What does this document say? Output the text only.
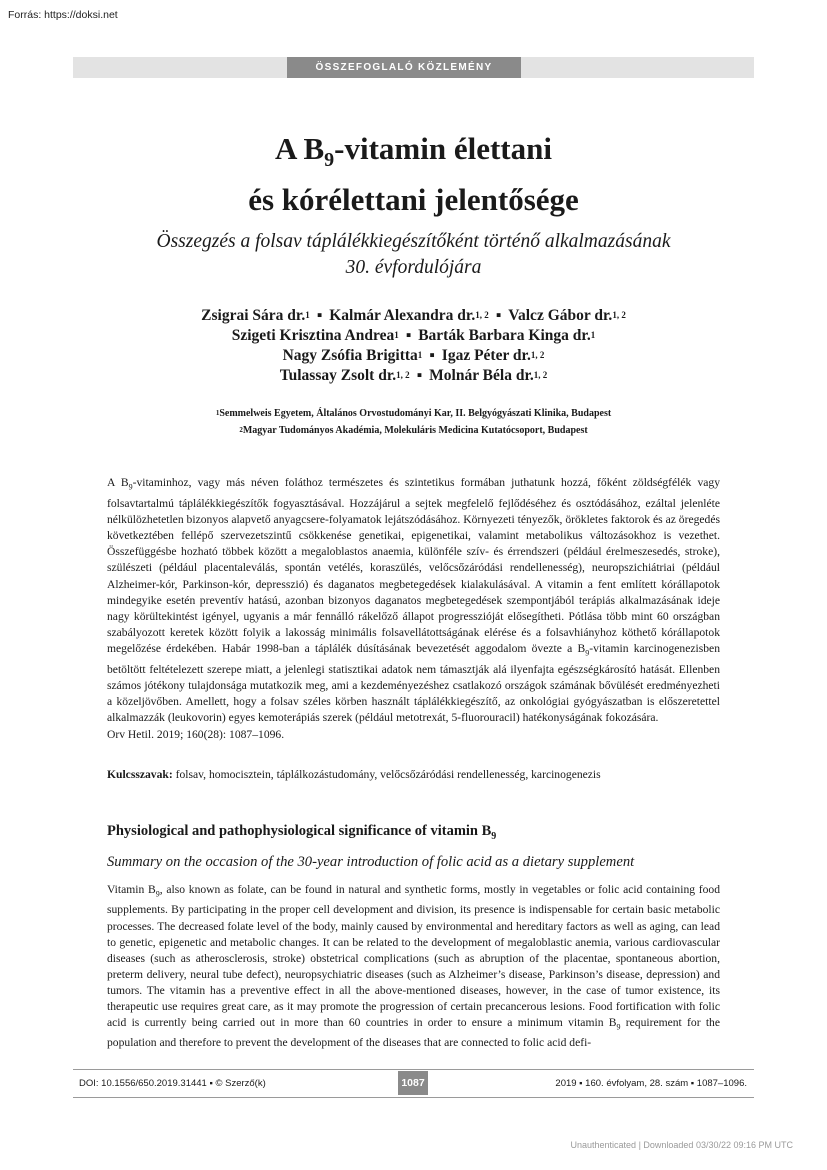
Forrás: https://doksi.net
ÖSSZEFOGLALÓ KÖZLEMÉNY
A $B_9$-vitamin élettani
és kórélettani jelentősége
Összegzés a folsav táplálékkiegészítőként történő alkalmazásának
30. évfordulójára
Zsigrai Sára dr.$^1$ ▪ Kalmár Alexandra dr.$^{1, 2}$ ▪ Valcz Gábor dr.$^{1, 2}$
Szigeti Krisztina Andrea$^1$ ▪ Barták Barbara Kinga dr.$^1$
Nagy Zsófia Brigitta$^1$ ▪ Igaz Péter dr.$^{1, 2}$
Tulassay Zsolt dr.$^{1, 2}$ ▪ Molnár Béla dr.$^{1, 2}$
$^1$Semmelweis Egyetem, Általános Orvostudományi Kar, II. Belgyógyászati Klinika, Budapest
$^2$Magyar Tudományos Akadémia, Molekuláris Medicina Kutatócsoport, Budapest

A $B_9$-vitaminhoz, vagy más néven foláthoz természetes és szintetikus formában juthatunk hozzá, főként zöldségfélék vagy folsavtartalmú táplálékkiegészítők fogyasztásával. Hozzájárul a sejtek megfelelő fejlődéséhez és osztódásához, ezáltal jelenléte nélkülözhetetlen bizonyos alapvető anyagcsere-folyamatok lejátszódásához. Környezeti tényezők, örökletes faktorok és az öregedés következtében fellépő szervezetszintű csökkenése genetikai, epigenetikai, valamint metabolikus változásokhoz is vezethet. Összefüggésbe hozható többek között a megaloblastos anaemia, különféle szív- és érrendszeri (például érelmeszesedés, stroke), szülészeti (például placentaleválás, spontán vetélés, koraszülés, velőcsőzáródási rendellenesség), neuropszichiátriai (például Alzheimer-kór, Parkinson-kór, depresszió) és daganatos megbetegedések kialakulásával. A vitamin a fent említett kórállapotok mindegyike esetén preventív hatású, azonban bizonyos daganatos megbetegedések szempontjából terápiás alkalmazásának ideje nagy körültekintést igényel, ugyanis a már fennálló rákelőző állapot progresszióját elősegítheti. Pótlása több mint 60 országban szabályozott keretek között folyik a lakosság minimális folsavellátottságának elérése és a folsavhiányhoz köthető kórállapotok megelőzése érdekében. Habár 1998-ban a táplálék dúsításának bevezetését aggodalom övezte a $B_9$-vitamin karcinogenezisben betöltött feltételezett szerepe miatt, a jelenlegi statisztikai adatok nem támasztják alá ilyenfajta egészségkárosító hatását. Ellenben számos jótékony tulajdonsága mutatkozik meg, ami a kezdeményezéshez csatlakozó országok számának bővülését eredményezheti a közeljövőben. Amellett, hogy a folsav széles körben használt táplálékkiegészítő, az onkológiai gyógyászatban is előszeretettel alkalmazzák (leukovorin) egyes kemoterápiás szerek (például metotrexát, 5-fluorouracil) hatékonyságának fokozására.

Orv Hetil. 2019; 160(28): 1087–1096.

Kulcsszavak: folsav, homocisztein, táplálkozástudomány, velőcsőzáródási rendellenesség, karcinogenezis
Physiological and pathophysiological significance of vitamin $B_9$
Summary on the occasion of the 30-year introduction of folic acid as a dietary supplement

Vitamin $B_9$, also known as folate, can be found in natural and synthetic forms, mostly in vegetables or folic acid containing food supplements. By participating in the proper cell development and division, its presence is indispensable for certain basic metabolic processes. The decreased folate level of the body, mainly caused by environmental and hereditary factors as well as aging, can lead to genetic, epigenetic and metabolic changes. It can be related to the development of megaloblastic anemia, various cardiovascular diseases (such as atherosclerosis, stroke) obstetrical complications (such as abruption of the placentae, spontaneous abortion, preterm delivery, neural tube defect), neuropsychiatric diseases (such as Alzheimer’s disease, Parkinson’s disease, depression) and tumors. The vitamin has a preventive effect in all the above-mentioned diseases, however, in the case of tumor existence, its therapeutic use requires great care, as it may promote the progression of certain precancerous lesions. Food fortification with folic acid is currently being carried out in more than 60 countries in order to ensure a minimum vitamin $B_9$ requirement for the population and therefore to prevent the development of the diseases that are connected to folic acid defi-

DOI: 10.1556/650.2019.31441 ▪ © Szerző(k)	1087	2019 ▪ 160. évfolyam, 28. szám ▪ 1087–1096.
Unauthenticated | Downloaded 03/30/22 09:16 PM UTC
